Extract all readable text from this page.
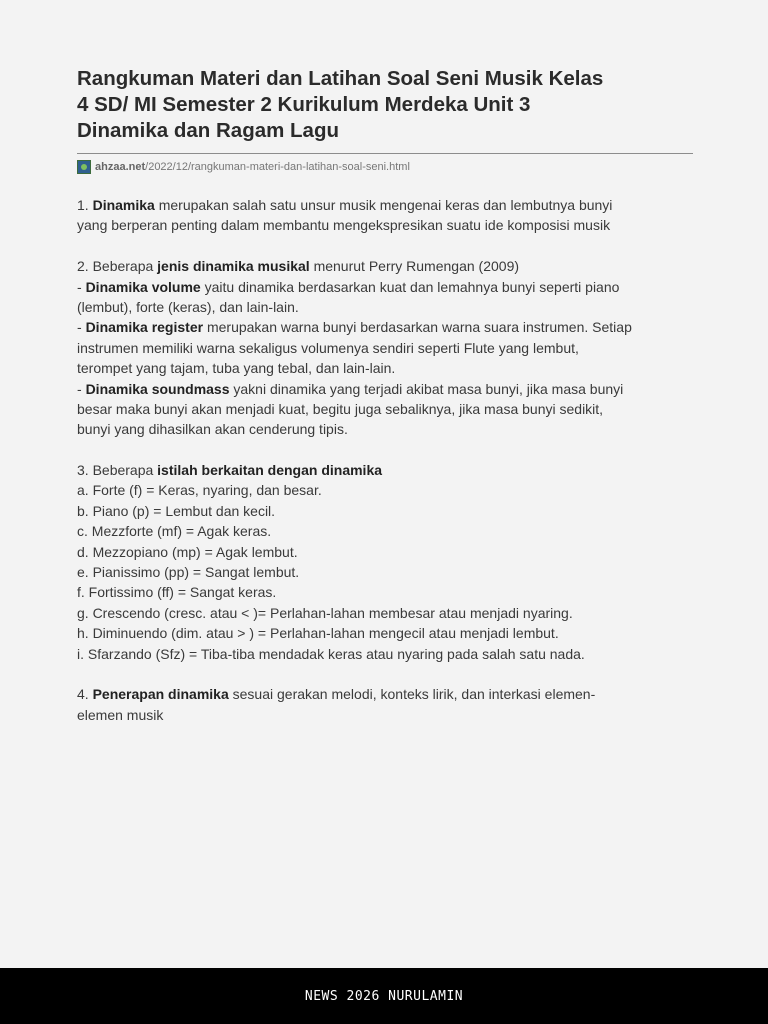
Rangkuman Materi dan Latihan Soal Seni Musik Kelas
4 SD/ MI Semester 2 Kurikulum Merdeka Unit 3
Dinamika dan Ragam Lagu
ahzaa.net /2022/12/rangkuman-materi-dan-latihan-soal-seni.html
1. Dinamika merupakan salah satu unsur musik mengenai keras dan lembutnya bunyi
yang berperan penting dalam membantu mengekspresikan suatu ide komposisi musik
2. Beberapa jenis dinamika musikal menurut Perry Rumengan (2009)
- Dinamika volume yaitu dinamika berdasarkan kuat dan lemahnya bunyi seperti piano
(lembut), forte (keras), dan lain-lain.
- Dinamika register merupakan warna bunyi berdasarkan warna suara instrumen. Setiap
instrumen memiliki warna sekaligus volumenya sendiri seperti Flute yang lembut,
terompet yang tajam, tuba yang tebal, dan lain-lain.
- Dinamika soundmass yakni dinamika yang terjadi akibat masa bunyi, jika masa bunyi
besar maka bunyi akan menjadi kuat, begitu juga sebaliknya, jika masa bunyi sedikit,
bunyi yang dihasilkan akan cenderung tipis.
3. Beberapa istilah berkaitan dengan dinamika
a. Forte (f) = Keras, nyaring, dan besar.
b. Piano (p) = Lembut dan kecil.
c. Mezzforte (mf) = Agak keras.
d. Mezzopiano (mp) = Agak lembut.
e. Pianissimo (pp) = Sangat lembut.
f. Fortissimo (ff) = Sangat keras.
g. Crescendo (cresc. atau < )= Perlahan-lahan membesar atau menjadi nyaring.
h. Diminuendo (dim. atau > ) = Perlahan-lahan mengecil atau menjadi lembut.
i. Sfarzando (Sfz) = Tiba-tiba mendadak keras atau nyaring pada salah satu nada.
4. Penerapan dinamika sesuai gerakan melodi, konteks lirik, dan interkasi elemen-
elemen musik
NEWS 2026 NURULAMIN
